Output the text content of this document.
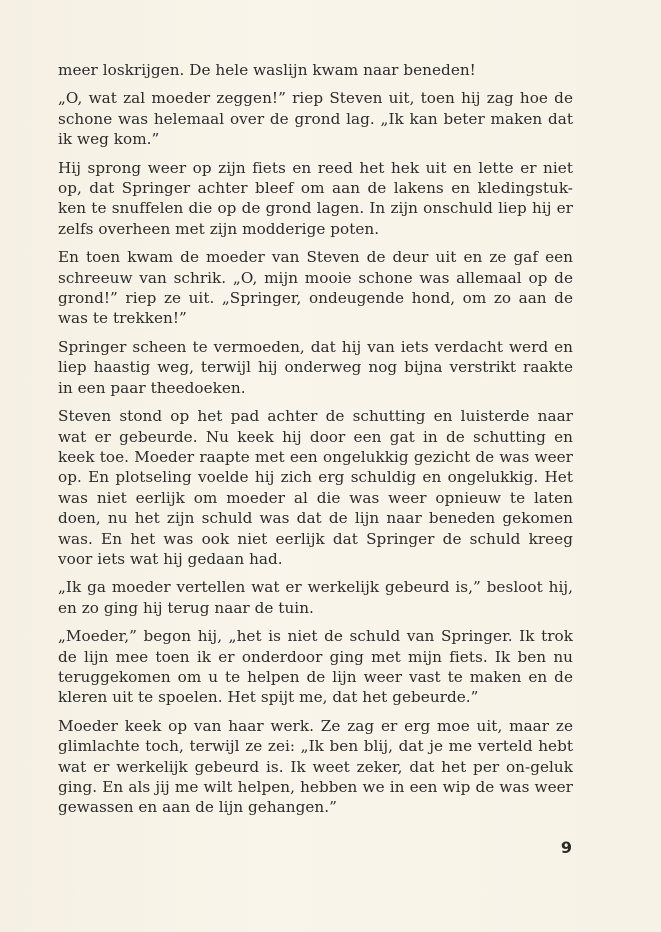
meer loskrijgen. De hele waslijn kwam naar beneden!

„O, wat zal moeder zeggen!” riep Steven uit, toen hij zag hoe de schone was helemaal over de grond lag. „Ik kan beter maken dat ik weg kom.”

Hij sprong weer op zijn fiets en reed het hek uit en lette er niet op, dat Springer achter bleef om aan de lakens en kledingstuk-ken te snuffelen die op de grond lagen. In zijn onschuld liep hij er zelfs overheen met zijn modderige poten.

En toen kwam de moeder van Steven de deur uit en ze gaf een schreeuw van schrik. „O, mijn mooie schone was allemaal op de grond!” riep ze uit. „Springer, ondeugende hond, om zo aan de was te trekken!”

Springer scheen te vermoeden, dat hij van iets verdacht werd en liep haastig weg, terwijl hij onderweg nog bijna verstrikt raakte in een paar theedoeken.

Steven stond op het pad achter de schutting en luisterde naar wat er gebeurde. Nu keek hij door een gat in de schutting en keek toe. Moeder raapte met een ongelukkig gezicht de was weer op. En plotseling voelde hij zich erg schuldig en ongelukkig. Het was niet eerlijk om moeder al die was weer opnieuw te laten doen, nu het zijn schuld was dat de lijn naar beneden gekomen was. En het was ook niet eerlijk dat Springer de schuld kreeg voor iets wat hij gedaan had.

„Ik ga moeder vertellen wat er werkelijk gebeurd is,” besloot hij, en zo ging hij terug naar de tuin.

„Moeder,” begon hij, „het is niet de schuld van Springer. Ik trok de lijn mee toen ik er onderdoor ging met mijn fiets. Ik ben nu teruggekomen om u te helpen de lijn weer vast te maken en de kleren uit te spoelen. Het spijt me, dat het gebeurde.”

Moeder keek op van haar werk. Ze zag er erg moe uit, maar ze glimlachte toch, terwijl ze zei: „Ik ben blij, dat je me verteld hebt wat er werkelijk gebeurd is. Ik weet zeker, dat het per on-geluk ging. En als jij me wilt helpen, hebben we in een wip de was weer gewassen en aan de lijn gehangen.”

9
